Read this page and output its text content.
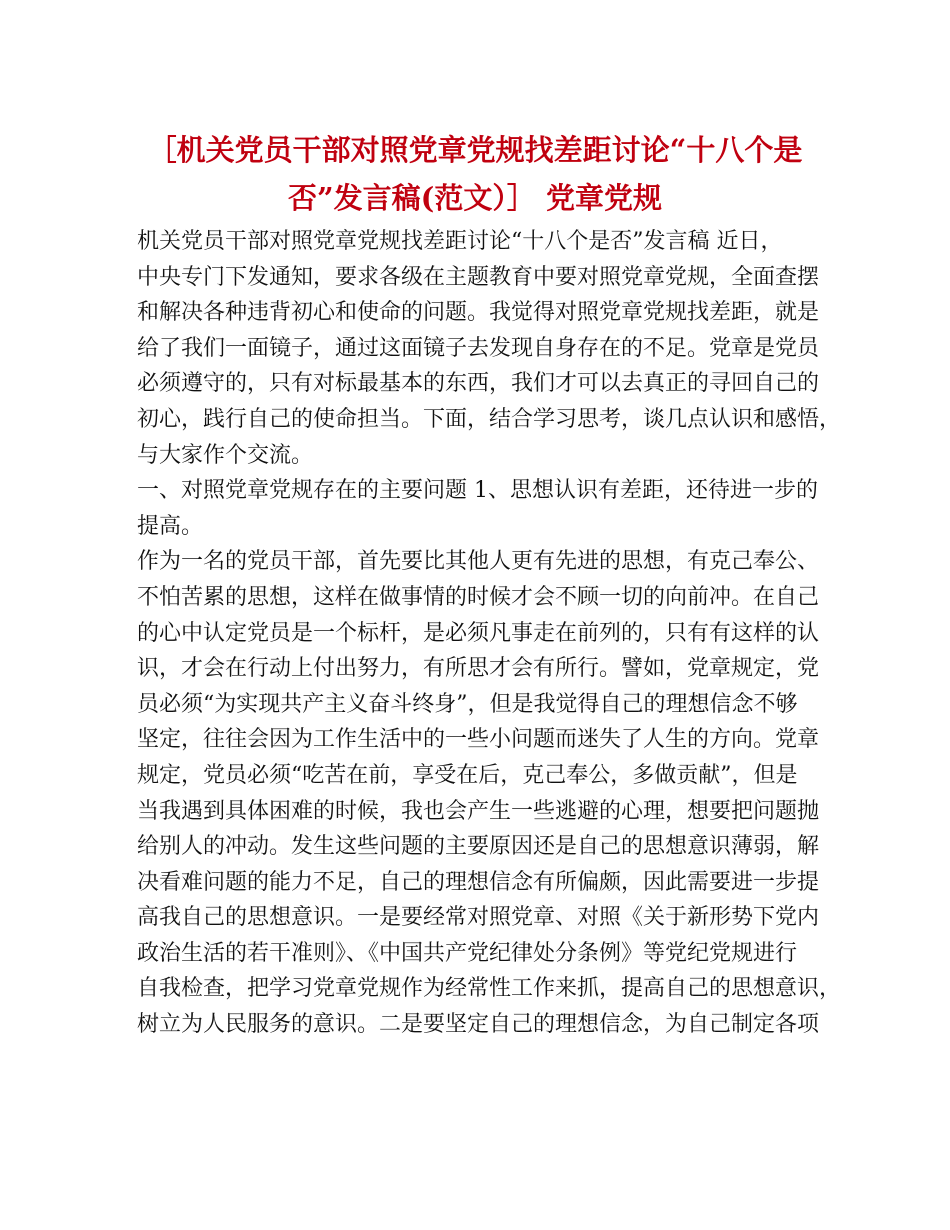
［机关党员干部对照党章党规找差距讨论“十八个是
否”发言稿(范文）］ 党章党规
机关党员干部对照党章党规找差距讨论“十八个是否”发言稿 近日，
中央专门下发通知，要求各级在主题教育中要对照党章党规，全面查摆
和解决各种违背初心和使命的问题。我觉得对照党章党规找差距，就是
给了我们一面镜子，通过这面镜子去发现自身存在的不足。党章是党员
必须遵守的，只有对标最基本的东西，我们才可以去真正的寻回自己的
初心，践行自己的使命担当。下面，结合学习思考，谈几点认识和感悟，
与大家作个交流。
一、对照党章党规存在的主要问题 1、思想认识有差距，还待进一步的
提高。
作为一名的党员干部，首先要比其他人更有先进的思想，有克己奉公、
不怕苦累的思想，这样在做事情的时候才会不顾一切的向前冲。在自己
的心中认定党员是一个标杆，是必须凡事走在前列的，只有有这样的认
识，才会在行动上付出努力，有所思才会有所行。譬如，党章规定，党
员必须“为实现共产主义奋斗终身”，但是我觉得自己的理想信念不够
坚定，往往会因为工作生活中的一些小问题而迷失了人生的方向。党章
规定，党员必须“吃苦在前，享受在后，克己奉公，多做贡献”，但是
当我遇到具体困难的时候，我也会产生一些逃避的心理，想要把问题抛
给别人的冲动。发生这些问题的主要原因还是自己的思想意识薄弱，解
决看难问题的能力不足，自己的理想信念有所偏颇，因此需要进一步提
高我自己的思想意识。一是要经常对照党章、对照《关于新形势下党内
政治生活的若干准则》、《中国共产党纪律处分条例》等党纪党规进行
自我检查，把学习党章党规作为经常性工作来抓，提高自己的思想意识，
树立为人民服务的意识。二是要坚定自己的理想信念，为自己制定各项
